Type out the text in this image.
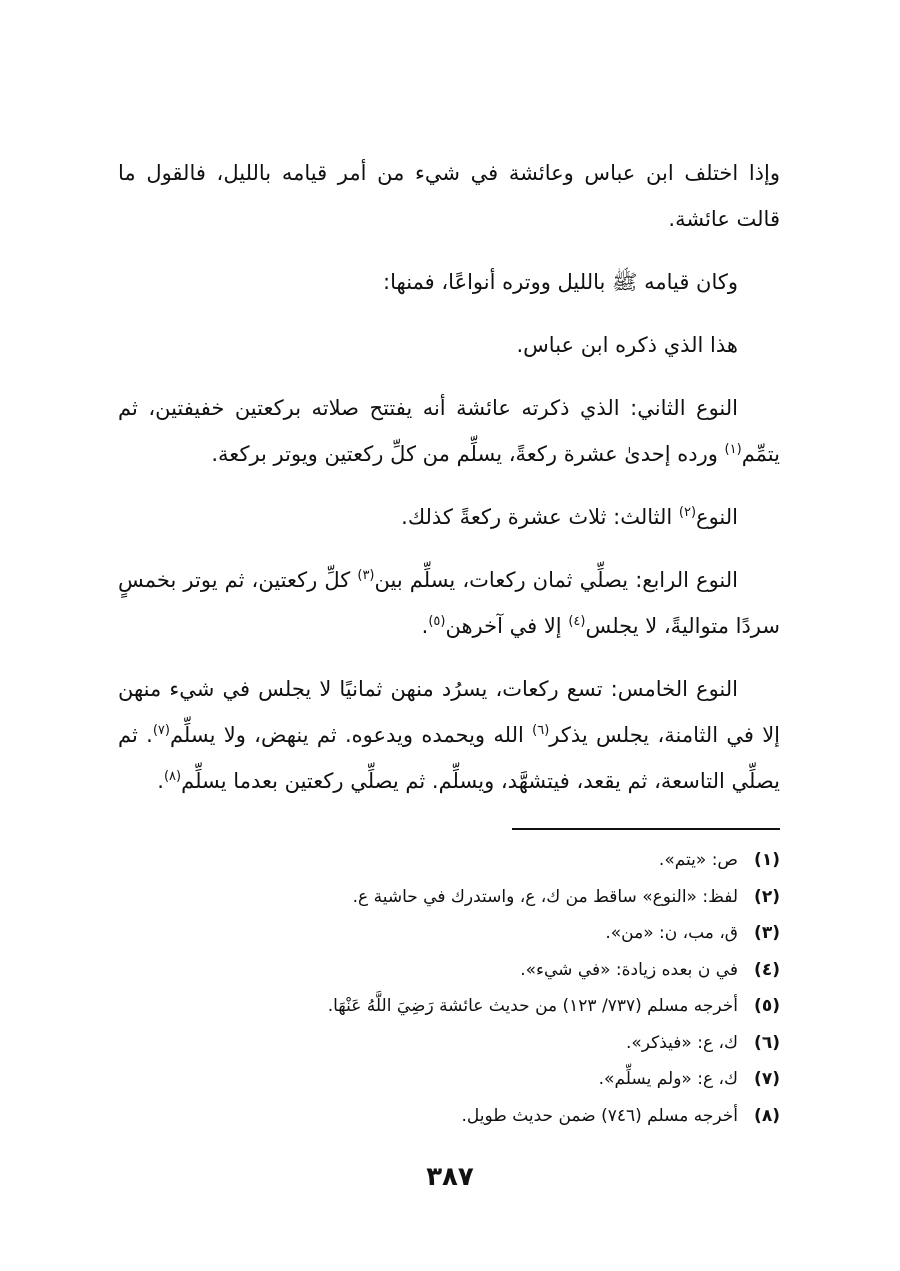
وإذا اختلف ابن عباس وعائشة في شيء من أمر قيامه بالليل، فالقول ما قالت عائشة.

وكان قيامه ﷺ بالليل ووتره أنواعًا، فمنها:

هذا الذي ذكره ابن عباس.

النوع الثاني: الذي ذكرته عائشة أنه يفتتح صلاته بركعتين خفيفتين، ثم يتمِّم$^{(١)}$ ورده إحدىٰ عشرة ركعةً، يسلِّم من كلِّ ركعتين ويوتر بركعة.

النوع$^{(٢)}$ الثالث: ثلاث عشرة ركعةً كذلك.

النوع الرابع: يصلِّي ثمان ركعات، يسلِّم بين$^{(٣)}$ كلِّ ركعتين، ثم يوتر بخمسٍ سردًا متواليةً، لا يجلس$^{(٤)}$ إلا في آخرهن$^{(٥)}$.

النوع الخامس: تسع ركعات، يسرُد منهن ثمانيًا لا يجلس في شيء منهن إلا في الثامنة، يجلس يذكر$^{(٦)}$ الله ويحمده ويدعوه. ثم ينهض، ولا يسلِّم$^{(٧)}$. ثم يصلِّي التاسعة، ثم يقعد، فيتشهَّد، ويسلِّم. ثم يصلِّي ركعتين بعدما يسلِّم$^{(٨)}$.

(١)ص: «يتم».
(٢)لفظ: «النوع» ساقط من ك، ع، واستدرك في حاشية ع.
(٣)ق، مب، ن: «من».
(٤)في ن بعده زيادة: «في شيء».
(٥)أخرجه مسلم (٧٣٧/ ١٢٣) من حديث عائشة رَضِيَ اللَّهُ عَنْهَا.
(٦)ك، ع: «فيذكر».
(٧)ك، ع: «ولم يسلِّم».
(٨)أخرجه مسلم (٧٤٦) ضمن حديث طويل.
٣٨٧
